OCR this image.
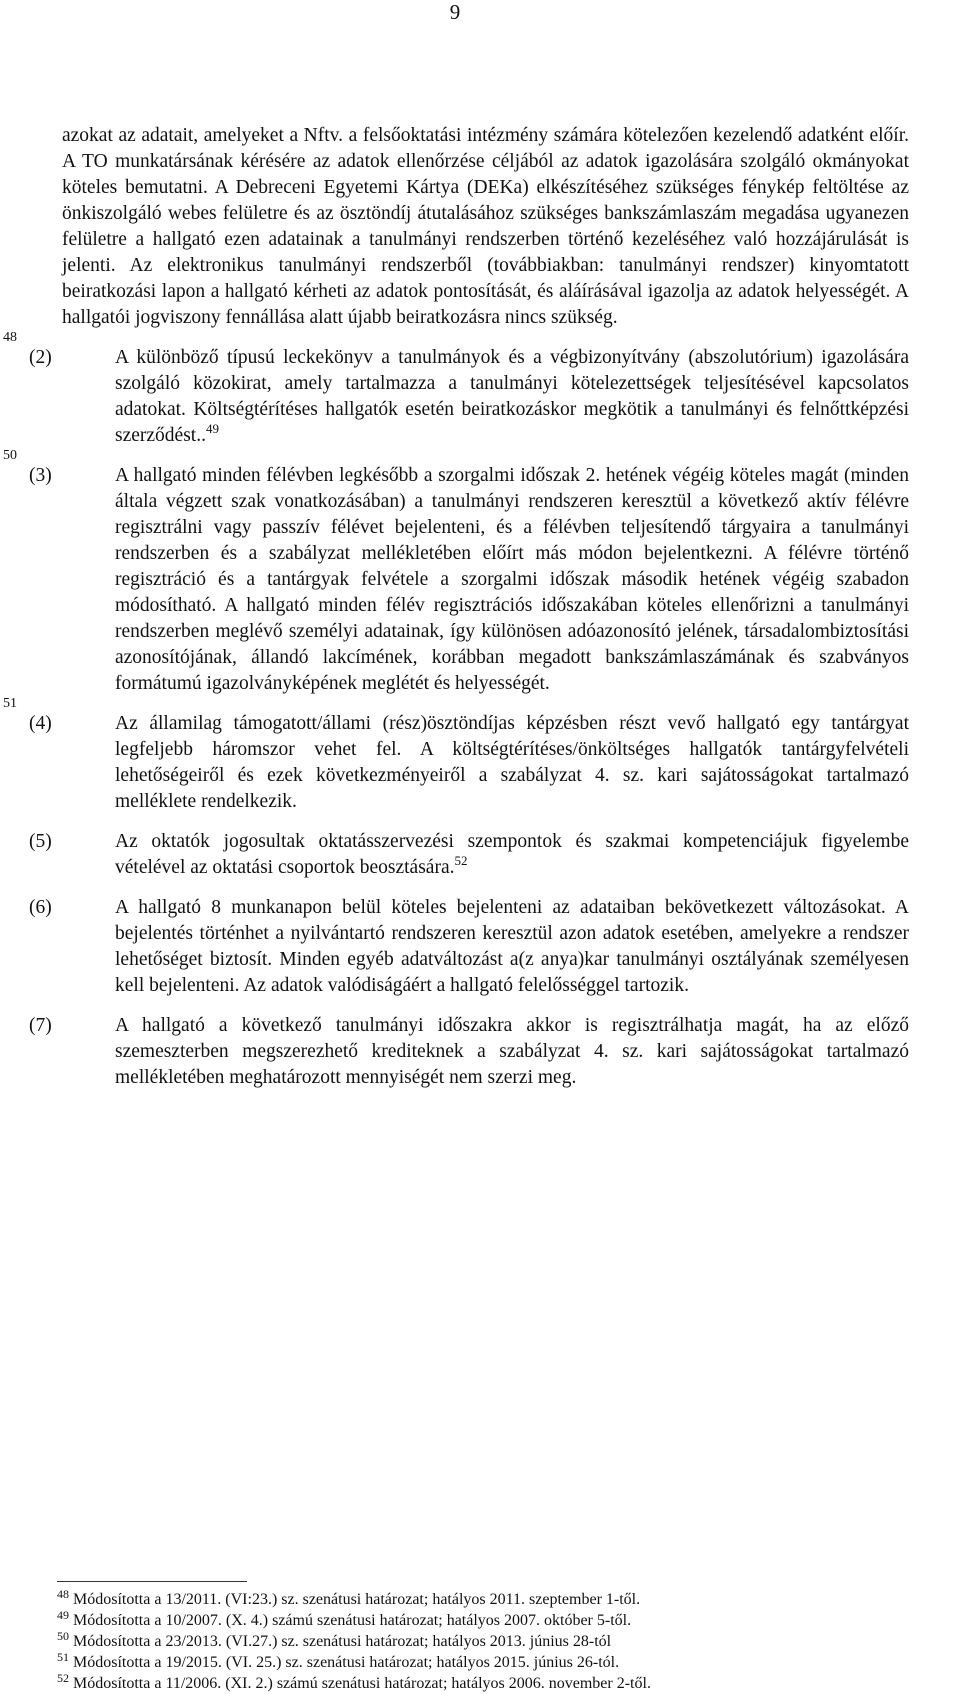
9

azokat az adatait, amelyeket a Nftv. a felsőoktatási intézmény számára kötelezően kezelendő adatként előír. A TO munkatársának kérésére az adatok ellenőrzése céljából az adatok igazolására szolgáló okmányokat köteles bemutatni. A Debreceni Egyetemi Kártya (DEKa) elkészítéséhez szükséges fénykép feltöltése az önkiszolgáló webes felületre és az ösztöndíj átutalásához szükséges bankszámlaszám megadása ugyanezen felületre a hallgató ezen adatainak a tanulmányi rendszerben történő kezeléséhez való hozzájárulását is jelenti. Az elektronikus tanulmányi rendszerből (továbbiakban: tanulmányi rendszer) kinyomtatott beiratkozási lapon a hallgató kérheti az adatok pontosítását, és aláírásával igazolja az adatok helyességét. A hallgatói jogviszony fennállása alatt újabb beiratkozásra nincs szükség.

48
(2)	A különböző típusú leckekönyv a tanulmányok és a végbizonyítvány (abszolutórium) igazolására szolgáló közokirat, amely tartalmazza a tanulmányi kötelezettségek teljesítésével kapcsolatos adatokat. Költségtérítéses hallgatók esetén beiratkozáskor megkötik a tanulmányi és felnőttképzési szerződést..$^{49}$

50
(3)	A hallgató minden félévben legkésőbb a szorgalmi időszak 2. hetének végéig köteles magát (minden általa végzett szak vonatkozásában) a tanulmányi rendszeren keresztül a következő aktív félévre regisztrálni vagy passzív félévet bejelenteni, és a félévben teljesítendő tárgyaira a tanulmányi rendszerben és a szabályzat mellékletében előírt más módon bejelentkezni. A félévre történő regisztráció és a tantárgyak felvétele a szorgalmi időszak második hetének végéig szabadon módosítható. A hallgató minden félév regisztrációs időszakában köteles ellenőrizni a tanulmányi rendszerben meglévő személyi adatainak, így különösen adóazonosító jelének, társadalombiztosítási azonosítójának, állandó lakcímének, korábban megadott bankszámlaszámának és szabványos formátumú igazolványképének meglétét és helyességét.

51
(4)	Az államilag támogatott/állami (rész)ösztöndíjas képzésben részt vevő hallgató egy tantárgyat legfeljebb háromszor vehet fel. A költségtérítéses/önköltséges hallgatók tantárgyfelvételi lehetőségeiről és ezek következményeiről a szabályzat 4. sz. kari sajátosságokat tartalmazó melléklete rendelkezik.

(5)	Az oktatók jogosultak oktatásszervezési szempontok és szakmai kompetenciájuk figyelembe vételével az oktatási csoportok beosztására.$^{52}$

(6)	A hallgató 8 munkanapon belül köteles bejelenteni az adataiban bekövetkezett változásokat. A bejelentés történhet a nyilvántartó rendszeren keresztül azon adatok esetében, amelyekre a rendszer lehetőséget biztosít. Minden egyéb adatváltozást a(z anya)kar tanulmányi osztályának személyesen kell bejelenteni. Az adatok valódiságáért a hallgató felelősséggel tartozik.

(7)	A hallgató a következő tanulmányi időszakra akkor is regisztrálhatja magát, ha az előző szemeszterben megszerezhető krediteknek a szabályzat 4. sz. kari sajátosságokat tartalmazó mellékletében meghatározott mennyiségét nem szerzi meg.

$^{48}$ Módosította a 13/2011. (VI:23.) sz. szenátusi határozat; hatályos 2011. szeptember 1-től.

$^{49}$ Módosította a 10/2007. (X. 4.) számú szenátusi határozat; hatályos 2007. október 5-től.

$^{50}$ Módosította a 23/2013. (VI.27.) sz. szenátusi határozat; hatályos 2013. június 28-tól

$^{51}$ Módosította a 19/2015. (VI. 25.) sz. szenátusi határozat; hatályos 2015. június 26-tól.

$^{52}$ Módosította a 11/2006. (XI. 2.) számú szenátusi határozat; hatályos 2006. november 2-től.
